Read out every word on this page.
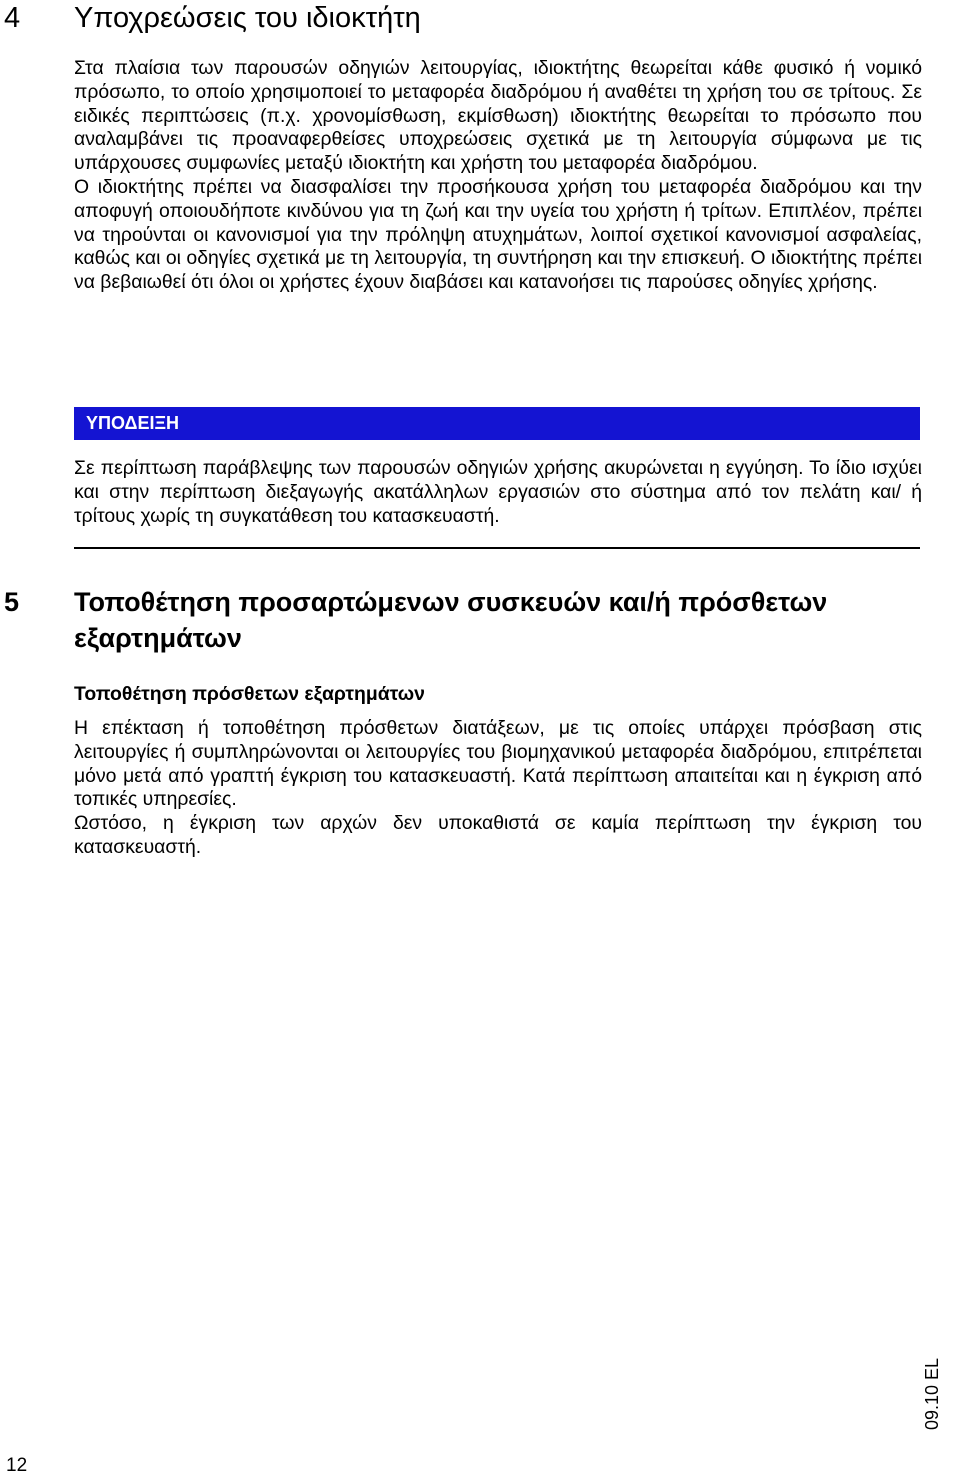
4 Υποχρεώσεις του ιδιοκτήτη

Στα πλαίσια των παρουσών οδηγιών λειτουργίας, ιδιοκτήτης θεωρείται κάθε φυσικό ή νομικό πρόσωπο, το οποίο χρησιμοποιεί το μεταφορέα διαδρόμου ή αναθέτει τη χρήση του σε τρίτους. Σε ειδικές περιπτώσεις (π.χ. χρονομίσθωση, εκμίσθωση) ιδιοκτήτης θεωρείται το πρόσωπο που αναλαμβάνει τις προαναφερθείσες υποχρεώσεις σχετικά με τη λειτουργία σύμφωνα με τις υπάρχουσες συμφωνίες μεταξύ ιδιοκτήτη και χρήστη του μεταφορέα διαδρόμου.

Ο ιδιοκτήτης πρέπει να διασφαλίσει την προσήκουσα χρήση του μεταφορέα διαδρόμου και την αποφυγή οποιουδήποτε κινδύνου για τη ζωή και την υγεία του χρήστη ή τρίτων. Επιπλέον, πρέπει να τηρούνται οι κανονισμοί για την πρόληψη ατυχημάτων, λοιποί σχετικοί κανονισμοί ασφαλείας, καθώς και οι οδηγίες σχετικά με τη λειτουργία, τη συντήρηση και την επισκευή. Ο ιδιοκτήτης πρέπει να βεβαιωθεί ότι όλοι οι χρήστες έχουν διαβάσει και κατανοήσει τις παρούσες οδηγίες χρήσης.

ΥΠΟΔΕΙΞΗ

Σε περίπτωση παράβλεψης των παρουσών οδηγιών χρήσης ακυρώνεται η εγγύηση. Το ίδιο ισχύει και στην περίπτωση διεξαγωγής ακατάλληλων εργασιών στο σύστημα από τον πελάτη και/ ή τρίτους χωρίς τη συγκατάθεση του κατασκευαστή.

5 Τοποθέτηση προσαρτώμενων συσκευών και/ή πρόσθετων εξαρτημάτων
Τοποθέτηση πρόσθετων εξαρτημάτων

Η επέκταση ή τοποθέτηση πρόσθετων διατάξεων, με τις οποίες υπάρχει πρόσβαση στις λειτουργίες ή συμπληρώνονται οι λειτουργίες του βιομηχανικού μεταφορέα διαδρόμου, επιτρέπεται μόνο μετά από γραπτή έγκριση του κατασκευαστή. Κατά περίπτωση απαιτείται και η έγκριση από τοπικές υπηρεσίες.

Ωστόσο, η έγκριση των αρχών δεν υποκαθιστά σε καμία περίπτωση την έγκριση του κατασκευαστή.

09.10 EL
12
